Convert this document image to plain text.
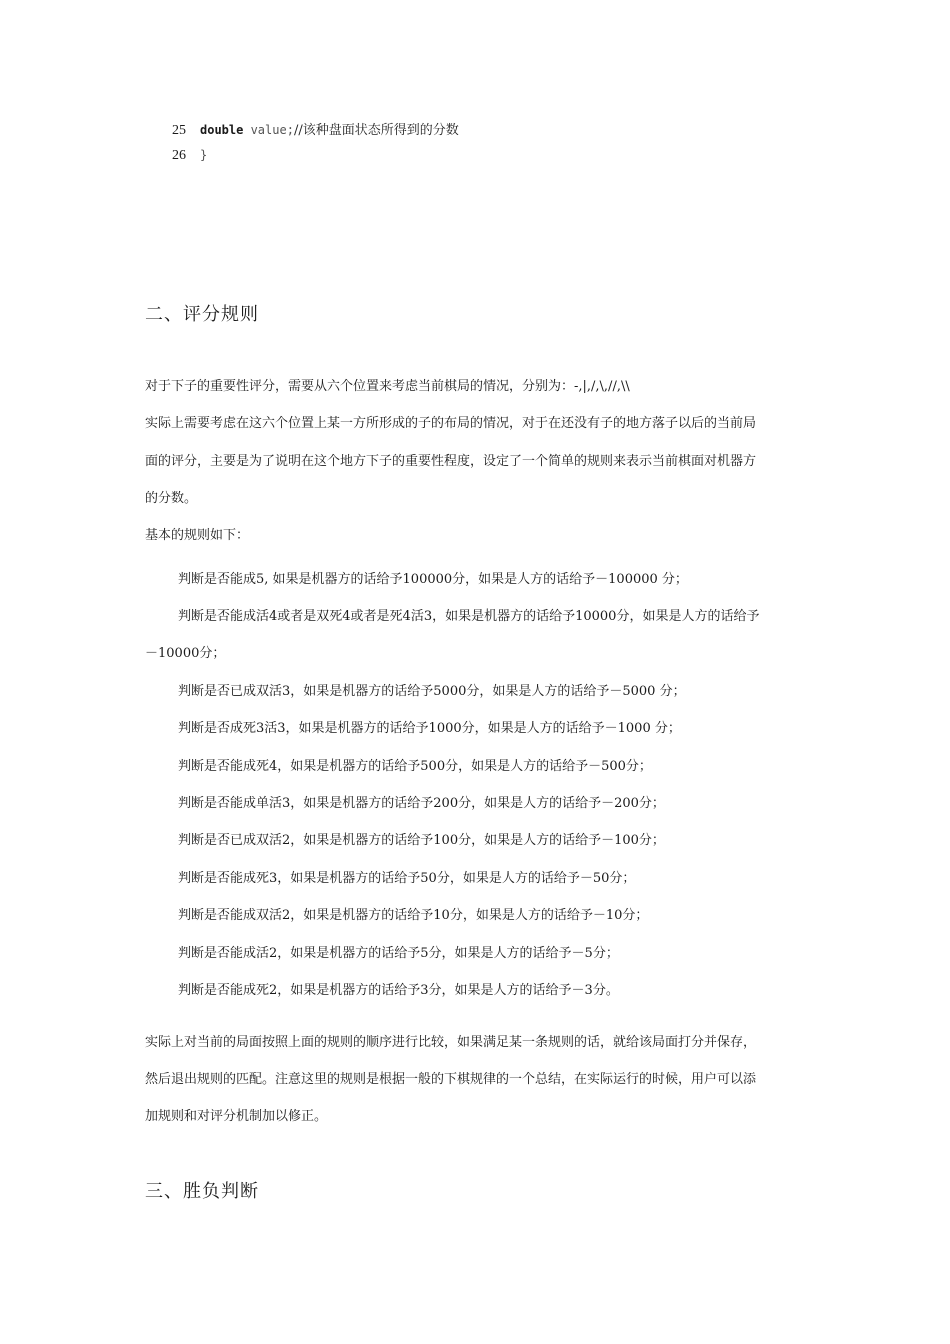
25 double value;//该种盘面状态所得到的分数
26 }
二、评分规则
对于下子的重要性评分，需要从六个位置来考虑当前棋局的情况，分别为：-,|,/,\,//,\\
实际上需要考虑在这六个位置上某一方所形成的子的布局的情况，对于在还没有子的地方落子以后的当前局
面的评分，主要是为了说明在这个地方下子的重要性程度，设定了一个简单的规则来表示当前棋面对机器方
的分数。
基本的规则如下：
判断是否能成5, 如果是机器方的话给予100000分，如果是人方的话给予－100000 分；
判断是否能成活4或者是双死4或者是死4活3，如果是机器方的话给予10000分，如果是人方的话给予
－10000分；
判断是否已成双活3，如果是机器方的话给予5000分，如果是人方的话给予－5000 分；
判断是否成死3活3，如果是机器方的话给予1000分，如果是人方的话给予－1000 分；
判断是否能成死4，如果是机器方的话给予500分，如果是人方的话给予－500分；
判断是否能成单活3，如果是机器方的话给予200分，如果是人方的话给予－200分；
判断是否已成双活2，如果是机器方的话给予100分，如果是人方的话给予－100分；
判断是否能成死3，如果是机器方的话给予50分，如果是人方的话给予－50分；
判断是否能成双活2，如果是机器方的话给予10分，如果是人方的话给予－10分；
判断是否能成活2，如果是机器方的话给予5分，如果是人方的话给予－5分；
判断是否能成死2，如果是机器方的话给予3分，如果是人方的话给予－3分。
实际上对当前的局面按照上面的规则的顺序进行比较，如果满足某一条规则的话，就给该局面打分并保存，
然后退出规则的匹配。注意这里的规则是根据一般的下棋规律的一个总结，在实际运行的时候，用户可以添
加规则和对评分机制加以修正。
三、胜负判断
